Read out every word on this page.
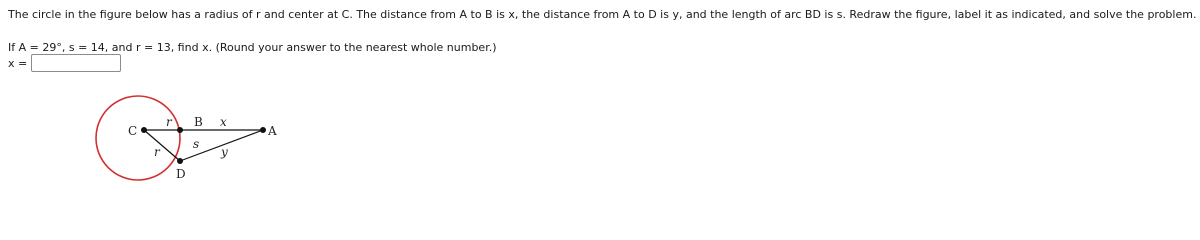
The circle in the figure below has a radius of r and center at C. The distance from A to B is x, the distance from A to D is y, and the length of arc BD is s. Redraw the figure, label it as indicated, and solve the problem.
If A = 29°, s = 14, and r = 13, find x. (Round your answer to the nearest whole number.)
x =
C
B
A
D
r
r
x
y
s
